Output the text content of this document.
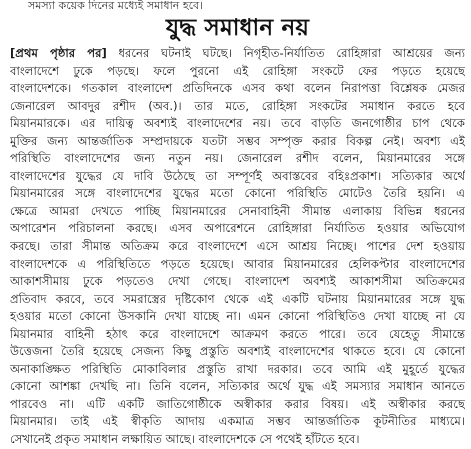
সমস্যা কয়েক দিনের মধ্যেই সমাধান হবে।
যুদ্ধ সমাধান নয়
[প্রথম পৃষ্ঠার পর] ধরনের ঘটনাই ঘটছে। নিগৃহীত-নির্যাতিত রোহিঙ্গারা আশ্রয়ের জন্য
বাংলাদেশে ঢুকে পড়ছে। ফলে পুরনো এই রোহিঙ্গা সংকটে ফের পড়তে হয়েছে
বাংলাদেশকে। গতকাল বাংলাদেশ প্রতিদিনকে এসব কথা বলেন নিরাপত্তা বিশ্লেষক মেজর
জেনারেল আবদুর রশীদ (অব.)। তার মতে, রোহিঙ্গা সংকটের সমাধান করতে হবে
মিয়ানমারকে। এর দায়িত্ব অবশ্যই বাংলাদেশের নয়। তবে বাড়তি জনগোষ্ঠীর চাপ থেকে
মুক্তির জন্য আন্তর্জাতিক সম্প্রদায়কে যতটা সম্ভব সম্পৃক্ত করার বিকল্প নেই। অবশ্য এই
পরিস্থিতি বাংলাদেশের জন্য নতুন নয়। জেনারেল রশীদ বলেন, মিয়ানমারের সঙ্গে
বাংলাদেশের যুদ্ধের যে দাবি উঠেছে তা সম্পূর্ণই অবাস্তবের বহিঃপ্রকাশ। সত্যিকার অর্থে
মিয়ানমারের সঙ্গে বাংলাদেশের যুদ্ধের মতো কোনো পরিস্থিতি মোটেও তৈরি হয়নি। এ
ক্ষেত্রে আমরা দেখতে পাচ্ছি মিয়ানমারের সেনাবাহিনী সীমান্ত এলাকায় বিভিন্ন ধরনের
অপারেশন পরিচালনা করছে। এসব অপারেশনে রোহিঙ্গারা নির্যাতিত হওয়ার অভিযোগ
করছে। তারা সীমান্ত অতিক্রম করে বাংলাদেশে এসে আশ্রয় নিচ্ছে। পাশের দেশ হওয়ায়
বাংলাদেশকে এ পরিস্থিতিতে পড়তে হয়েছে। আবার মিয়ানমারের হেলিকপ্টার বাংলাদেশের
আকাশসীমায় ঢুকে পড়তেও দেখা গেছে। বাংলাদেশ অবশ্যই আকাশসীমা অতিক্রমের
প্রতিবাদ করবে, তবে সমরাস্ত্রের দৃষ্টিকোণ থেকে এই একটি ঘটনায় মিয়ানমারের সঙ্গে যুদ্ধ
হওয়ার মতো কোনো উসকানি দেখা যাচ্ছে না। এমন কোনো পরিস্থিতিও দেখা যাচ্ছে না যে
মিয়ানমার বাহিনী হঠাৎ করে বাংলাদেশে আক্রমণ করতে পারে। তবে যেহেতু সীমান্তে
উত্তেজনা তৈরি হয়েছে সেজন্য কিছু প্রস্তুতি অবশ্যই বাংলাদেশের থাকতে হবে। যে কোনো
অনাকাঙ্ক্ষিত পরিস্থিতি মোকাবিলার প্রস্তুতি রাখা দরকার। তবে আমি এই মুহূর্তে যুদ্ধের
কোনো আশঙ্কা দেখছি না। তিনি বলেন, সত্যিকার অর্থে যুদ্ধ এই সমস্যার সমাধান আনতে
পারবেও না। এটি একটি জাতিগোষ্ঠীকে অস্বীকার করার বিষয়। এই অস্বীকার করছে
মিয়ানমার। তাই এই স্বীকৃতি আদায় একমাত্র সম্ভব আন্তর্জাতিক কূটনীতির মাধ্যমে।
সেখানেই প্রকৃত সমাধান লক্ষায়িত আছে। বাংলাদেশকে সে পথেই হাঁটতে হবে।
